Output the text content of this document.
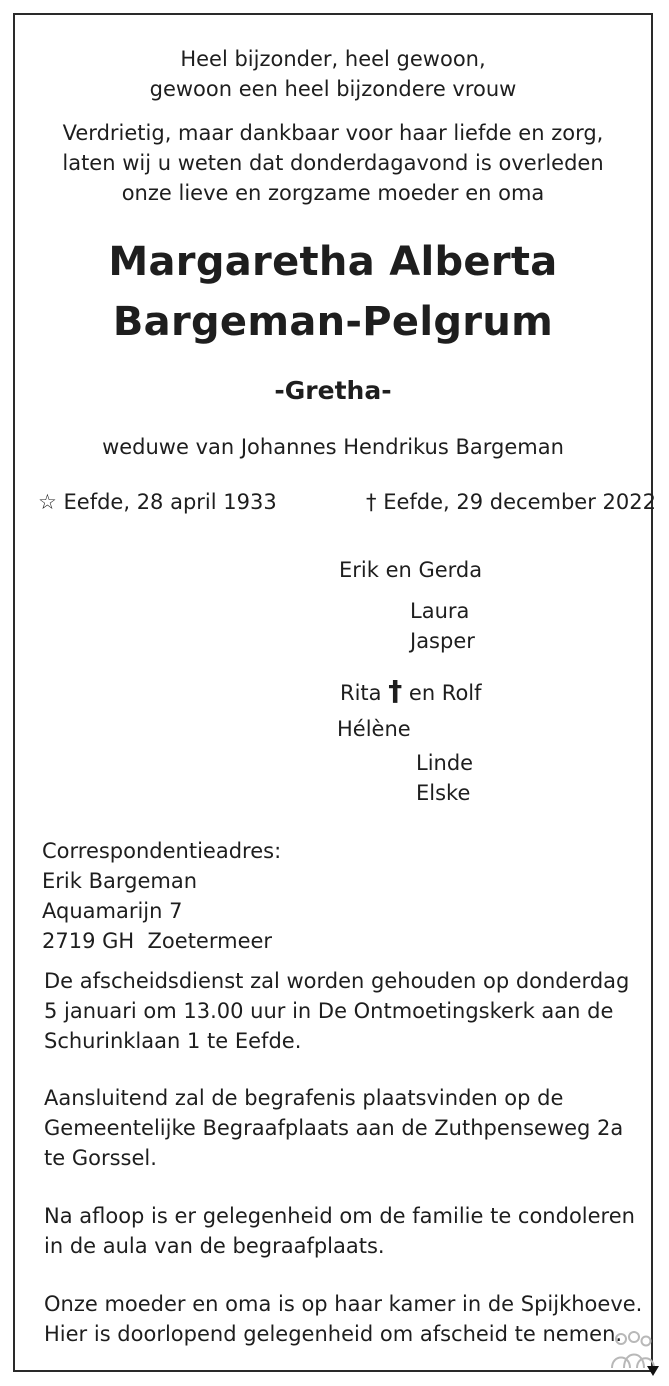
Heel bijzonder, heel gewoon,
gewoon een heel bijzondere vrouw
Verdrietig, maar dankbaar voor haar liefde en zorg,
laten wij u weten dat donderdagavond is overleden
onze lieve en zorgzame moeder en oma
Margaretha Alberta
Bargeman-Pelgrum
-Gretha-
weduwe van Johannes Hendrikus Bargeman
☆ Eefde, 28 april 1933	† Eefde, 29 december 2022
Erik en Gerda
Laura
Jasper
Rita † en Rolf
Hélène
Linde
Elske
Correspondentieadres:
Erik Bargeman
Aquamarijn 7
2719 GH  Zoetermeer
De afscheidsdienst zal worden gehouden op donderdag
5 januari om 13.00 uur in De Ontmoetingskerk aan de
Schurinklaan 1 te Eefde.
Aansluitend zal de begrafenis plaatsvinden op de
Gemeentelijke Begraafplaats aan de Zuthpenseweg 2a
te Gorssel.
Na afloop is er gelegenheid om de familie te condoleren
in de aula van de begraafplaats.
Onze moeder en oma is op haar kamer in de Spijkhoeve.
Hier is doorlopend gelegenheid om afscheid te nemen.
